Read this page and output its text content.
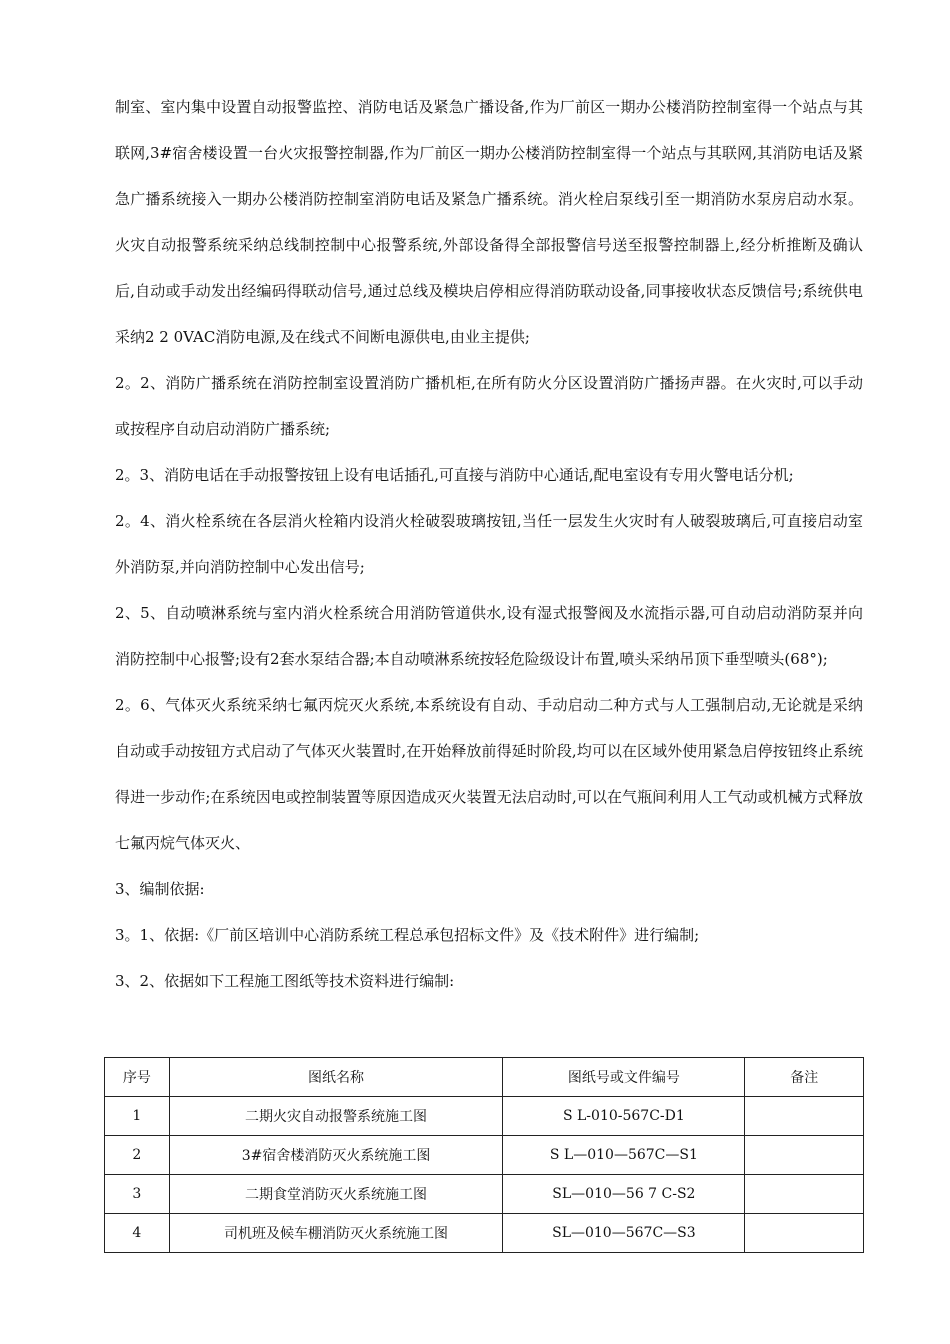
制室、室内集中设置自动报警监控、消防电话及紧急广播设备,作为厂前区一期办公楼消防控制室得一个站点与其联网,3#宿舍楼设置一台火灾报警控制器,作为厂前区一期办公楼消防控制室得一个站点与其联网,其消防电话及紧急广播系统接入一期办公楼消防控制室消防电话及紧急广播系统。消火栓启泵线引至一期消防水泵房启动水泵。火灾自动报警系统采纳总线制控制中心报警系统,外部设备得全部报警信号送至报警控制器上,经分析推断及确认后,自动或手动发出经编码得联动信号,通过总线及模块启停相应得消防联动设备,同事接收状态反馈信号;系统供电采纳2 2 0VAC消防电源,及在线式不间断电源供电,由业主提供;

2。2、消防广播系统在消防控制室设置消防广播机柜,在所有防火分区设置消防广播扬声器。在火灾时,可以手动或按程序自动启动消防广播系统;

2。3、消防电话在手动报警按钮上设有电话插孔,可直接与消防中心通话,配电室设有专用火警电话分机;

2。4、消火栓系统在各层消火栓箱内设消火栓破裂玻璃按钮,当任一层发生火灾时有人破裂玻璃后,可直接启动室外消防泵,并向消防控制中心发出信号;

2、5、自动喷淋系统与室内消火栓系统合用消防管道供水,设有湿式报警阀及水流指示器,可自动启动消防泵并向消防控制中心报警;设有2套水泵结合器;本自动喷淋系统按轻危险级设计布置,喷头采纳吊顶下垂型喷头(68°);

2。6、气体灭火系统采纳七氟丙烷灭火系统,本系统设有自动、手动启动二种方式与人工强制启动,无论就是采纳自动或手动按钮方式启动了气体灭火装置时,在开始释放前得延时阶段,均可以在区域外使用紧急启停按钮终止系统得进一步动作;在系统因电或控制装置等原因造成灭火装置无法启动时,可以在气瓶间利用人工气动或机械方式释放七氟丙烷气体灭火、

3、编制依据:

3。1、依据:《厂前区培训中心消防系统工程总承包招标文件》及《技术附件》进行编制;

3、2、依据如下工程施工图纸等技术资料进行编制:

序号	图纸名称	图纸号或文件编号	备注
1	二期火灾自动报警系统施工图	S L-010-567C-D1	
2	3#宿舍楼消防灭火系统施工图	S L—010—567C—S1	
3	二期食堂消防灭火系统施工图	SL—010—56 7 C-S2	
4	司机班及候车棚消防灭火系统施工图	SL—010—567C—S3	
